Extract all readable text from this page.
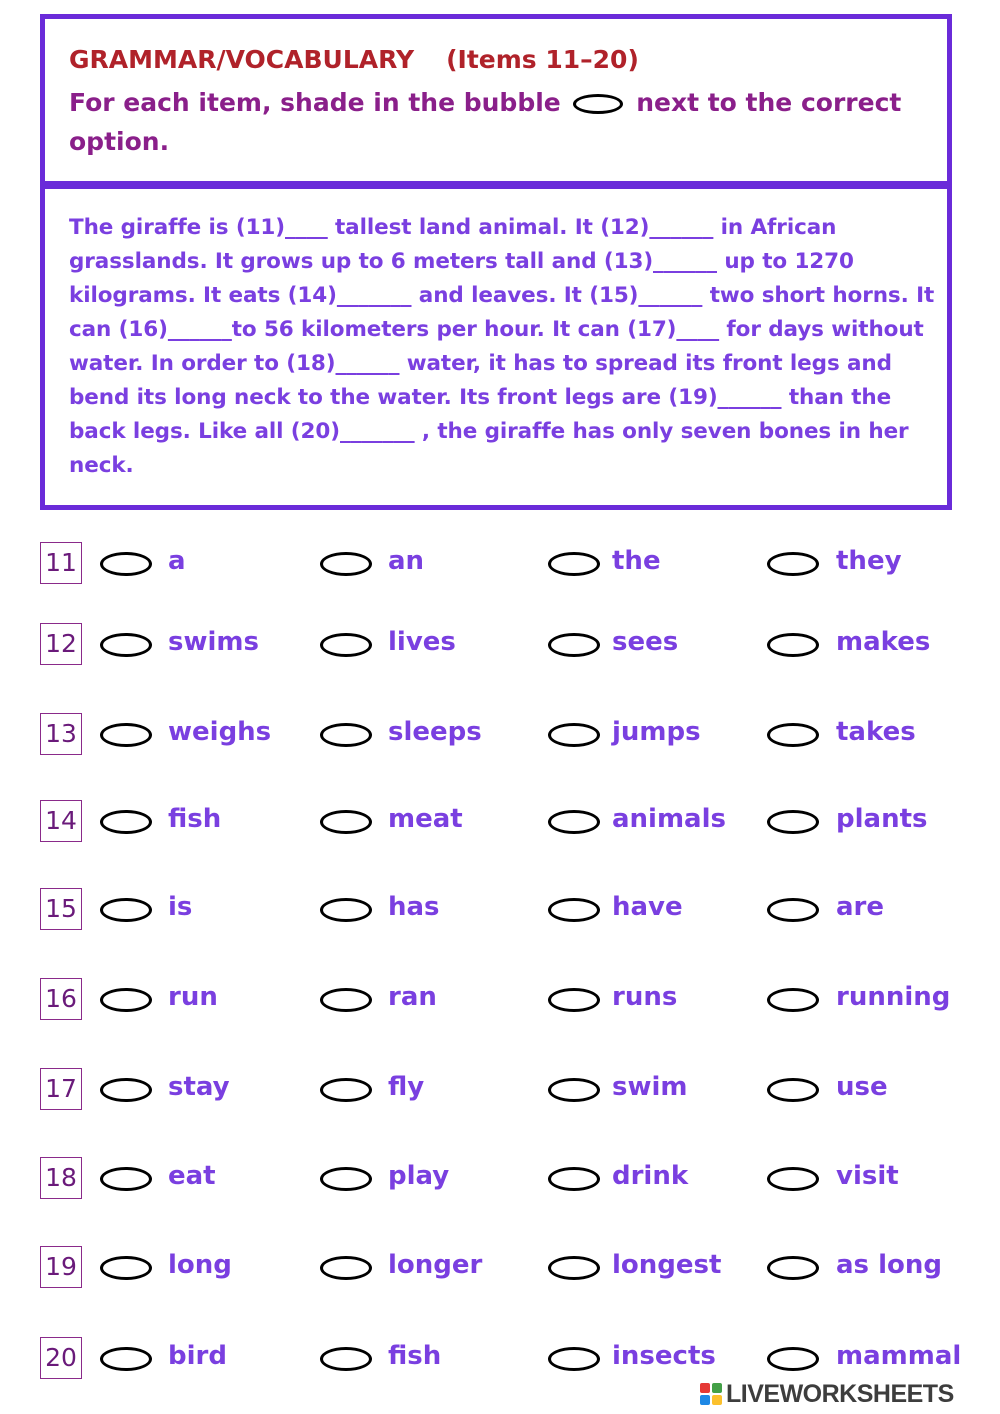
GRAMMAR/VOCABULARY (Items 11–20)
For each item, shade in the bubble	next to the correct option.

The giraffe is (11)____ tallest land animal. It (12)______ in African grasslands. It grows up to 6 meters tall and (13)______ up to 1270 kilograms. It eats (14)_______ and leaves. It (15)______ two short horns. It can (16)______to 56 kilometers per hour. It can (17)____ for days without water. In order to (18)______ water, it has to spread its front legs and bend its long neck to the water. Its front legs are (19)______ than the back legs. Like all (20)_______ , the giraffe has only seven bones in her neck.

11	a	an	the	they
12	swims	lives	sees	makes
13	weighs	sleeps	jumps	takes
14	fish	meat	animals	plants
15	is	has	have	are
16	run	ran	runs	running
17	stay	fly	swim	use
18	eat	play	drink	visit
19	long	longer	longest	as long
20	bird	fish	insects	mammal
LIVEWORKSHEETS
